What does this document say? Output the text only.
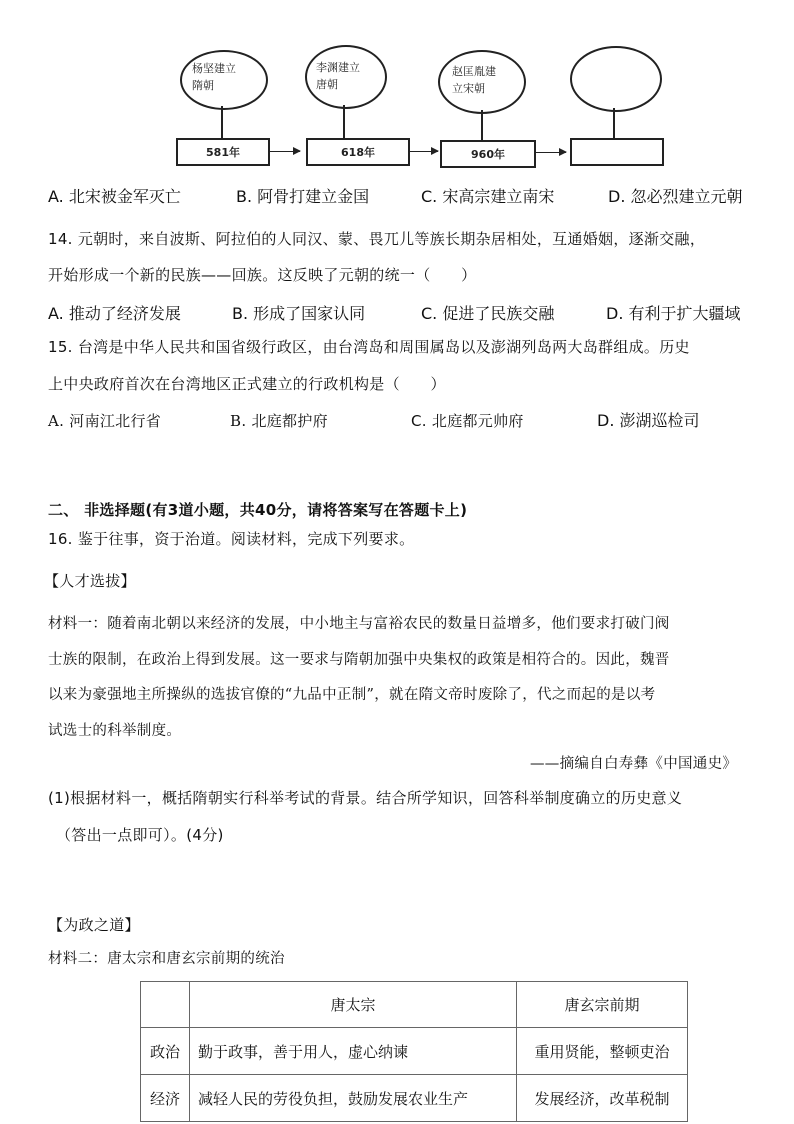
杨坚建立
隋朝
581年
李渊建立
唐朝
618年
赵匡胤建
立宋朝
960年
A. 北宋被金军灭亡	B. 阿骨打建立金国	C. 宋高宗建立南宋	D. 忽必烈建立元朝
14. 元朝时，来自波斯、阿拉伯的人同汉、蒙、畏兀儿等族长期杂居相处，互通婚姻，逐渐交融，
开始形成一个新的民族——回族。这反映了元朝的统一（　　）
A. 推动了经济发展	B. 形成了国家认同	C. 促进了民族交融	D. 有利于扩大疆域
15. 台湾是中华人民共和国省级行政区，由台湾岛和周围属岛以及澎湖列岛两大岛群组成。历史
上中央政府首次在台湾地区正式建立的行政机构是（　　）
A. 河南江北行省	B. 北庭都护府	C. 北庭都元帅府	D. 澎湖巡检司
二、 非选择题(有3道小题，共40分，请将答案写在答题卡上)
16. 鉴于往事，资于治道。阅读材料，完成下列要求。
【人才选拔】
材料一：随着南北朝以来经济的发展，中小地主与富裕农民的数量日益增多，他们要求打破门阀
士族的限制，在政治上得到发展。这一要求与隋朝加强中央集权的政策是相符合的。因此，魏晋
以来为豪强地主所操纵的选拔官僚的“九品中正制”，就在隋文帝时废除了，代之而起的是以考
试选士的科举制度。
——摘编自白寿彝《中国通史》
(1)根据材料一，概括隋朝实行科举考试的背景。结合所学知识，回答科举制度确立的历史意义
（答出一点即可）。(4分)
【为政之道】
材料二：唐太宗和唐玄宗前期的统治
	唐太宗	唐玄宗前期
政治	勤于政事，善于用人，虚心纳谏	重用贤能，整顿吏治
经济	减轻人民的劳役负担，鼓励发展农业生产	发展经济，改革税制
